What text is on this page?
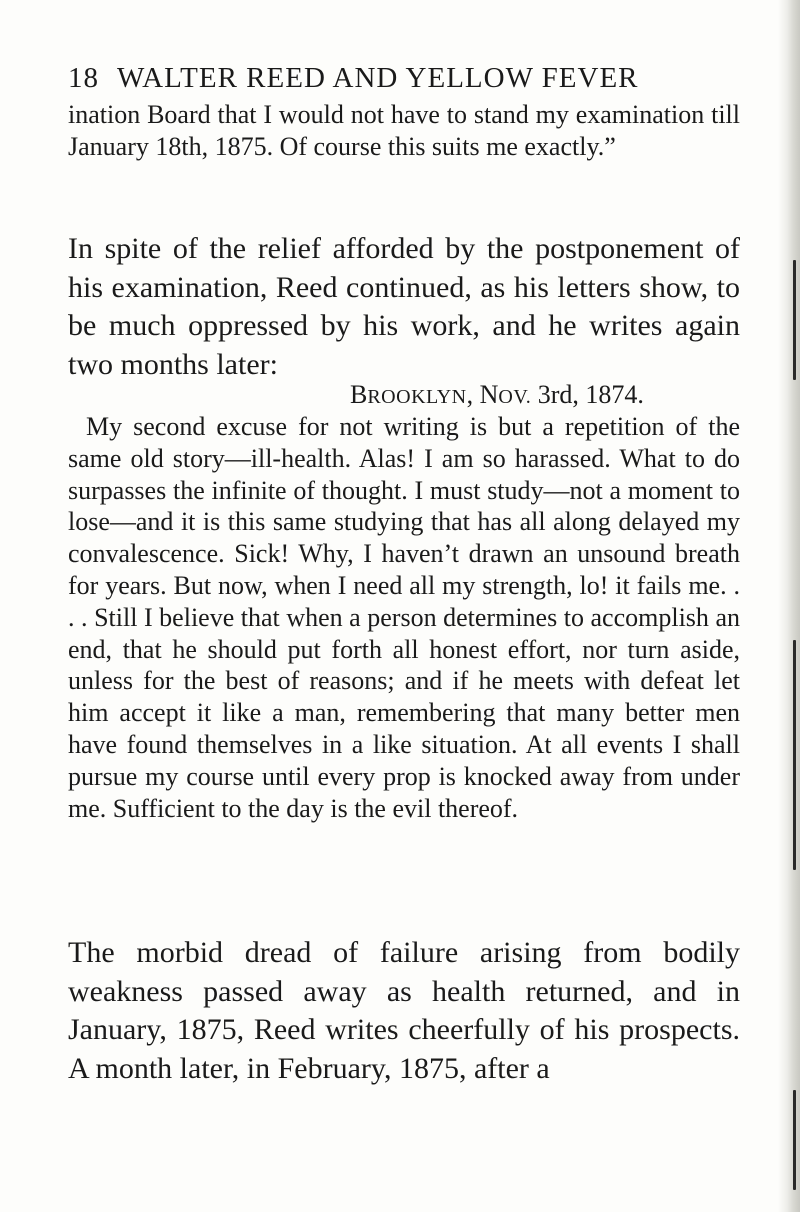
18 WALTER REED AND YELLOW FEVER

ination Board that I would not have to stand my examination till January 18th, 1875. Of course this suits me exactly.”

In spite of the relief afforded by the postponement of his examination, Reed continued, as his letters show, to be much oppressed by his work, and he writes again two months later:

BROOKLYN, NOV. 3rd, 1874.

My second excuse for not writing is but a repetition of the same old story—ill-health. Alas! I am so harassed. What to do surpasses the infinite of thought. I must study—not a moment to lose—and it is this same studying that has all along delayed my convalescence. Sick! Why, I haven’t drawn an unsound breath for years. But now, when I need all my strength, lo! it fails me. . . . Still I believe that when a person determines to accomplish an end, that he should put forth all honest effort, nor turn aside, unless for the best of reasons; and if he meets with defeat let him accept it like a man, remembering that many better men have found themselves in a like situation. At all events I shall pursue my course until every prop is knocked away from under me. Sufficient to the day is the evil thereof.

The morbid dread of failure arising from bodily weakness passed away as health returned, and in January, 1875, Reed writes cheerfully of his prospects. A month later, in February, 1875, after a
